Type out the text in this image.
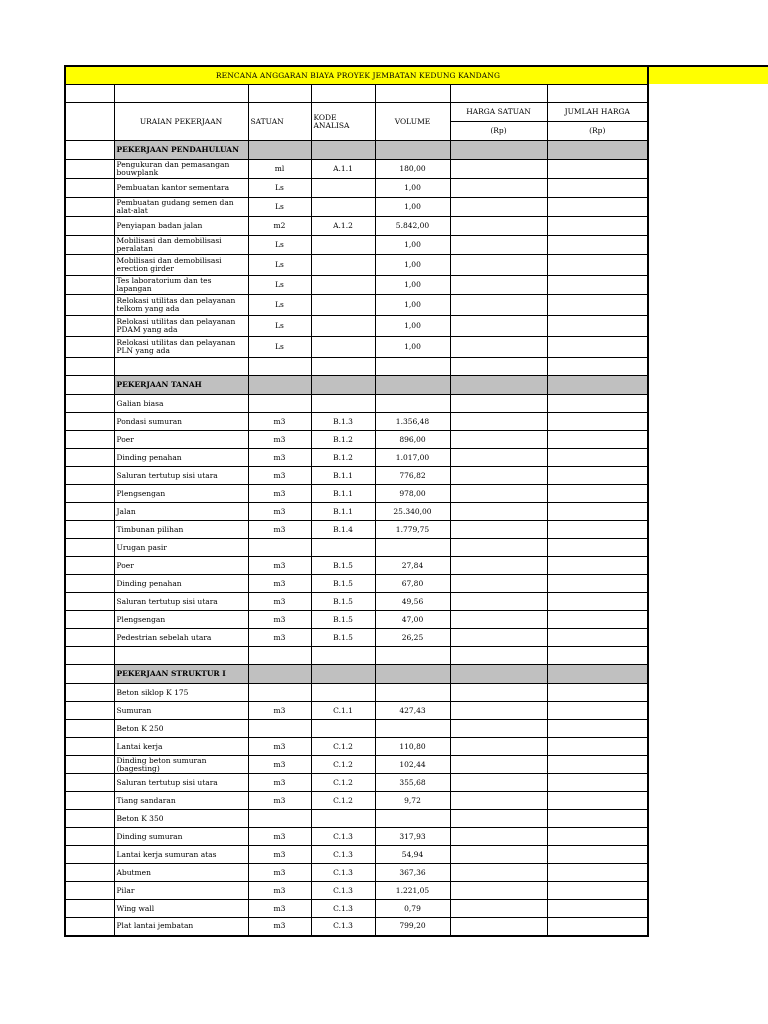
RENCANA ANGGARAN BIAYA PROYEK JEMBATAN KEDUNG KANDANG

	URAIAN PEKERJAAN	SATUAN	KODE ANALISA	VOLUME	HARGA SATUAN	JUMLAH HARGA
					(Rp)	(Rp)
	PEKERJAAN PENDAHULUAN					
	Pengukuran dan pemasangan bouwplank	ml	A.1.1	180,00		
	Pembuatan kantor sementara	Ls		1,00		
	Pembuatan gudang semen dan alat-alat	Ls		1,00		
	Penyiapan badan jalan	m2	A.1.2	5.842,00		
	Mobilisasi dan demobilisasi peralatan	Ls		1,00		
	Mobilisasi dan demobilisasi erection girder	Ls		1,00		
	Tes laboratorium dan tes lapangan	Ls		1,00		
	Relokasi utilitas dan pelayanan telkom yang ada	Ls		1,00		
	Relokasi utilitas dan pelayanan PDAM yang ada	Ls		1,00		
	Relokasi utilitas dan pelayanan PLN yang ada	Ls		1,00		

	PEKERJAAN TANAH					
	Galian biasa					
	Pondasi sumuran	m3	B.1.3	1.356,48		
	Poer	m3	B.1.2	896,00		
	Dinding penahan	m3	B.1.2	1.017,00		
	Saluran tertutup sisi utara	m3	B.1.1	776,82		
	Plengsengan	m3	B.1.1	978,00		
	Jalan	m3	B.1.1	25.340,00		
	Timbunan pilihan	m3	B.1.4	1.779,75		
	Urugan pasir					
	Poer	m3	B.1.5	27,84		
	Dinding penahan	m3	B.1.5	67,80		
	Saluran tertutup sisi utara	m3	B.1.5	49,56		
	Plengsengan	m3	B.1.5	47,00		
	Pedestrian sebelah utara	m3	B.1.5	26,25		

	PEKERJAAN STRUKTUR I					
	Beton siklop K 175					
	Sumuran	m3	C.1.1	427,43		
	Beton K 250					
	Lantai kerja	m3	C.1.2	110,80		
	Dinding beton sumuran (bagesting)	m3	C.1.2	102,44		
	Saluran tertutup sisi utara	m3	C.1.2	355,68		
	Tiang sandaran	m3	C.1.2	9,72		
	Beton K 350					
	Dinding sumuran	m3	C.1.3	317,93		
	Lantai kerja sumuran atas	m3	C.1.3	54,94		
	Abutmen	m3	C.1.3	367,36		
	Pilar	m3	C.1.3	1.221,05		
	Wing wall	m3	C.1.3	0,79		
	Plat lantai jembatan	m3	C.1.3	799,20		
